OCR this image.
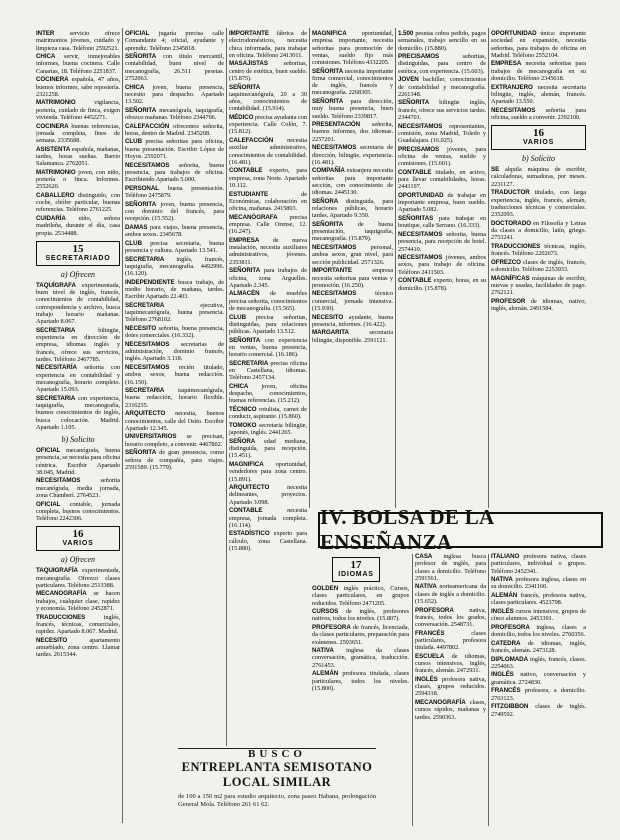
INTER servicio ofrece matrimonios jóvenes, cuidado y limpieza casa. Teléfono 2592521.

CHICA servir, inmejorables informes, buena cocinera. Calle Canarias, 18. Teléfono 2251837.

COCINERA española, 47 años, buenos informes, sabe repostería. 2321258.

MATRIMONIO vigilancia, portería, cuidado de finca, exigen vivienda. Teléfono 4452271.

COCINERA buenas referencias, jornada completa, fines de semana. 2335688.

ASISTENTA española, mañanas, tardes, horas sueltas. Barrio Salamanca. 2762051.

MATRIMONIO joven, con niño, portería o finca. Informes. 2552620.

CABALLERO distinguido, con coche, chófer particular, buenas referencias. Teléfono 2761225.

CUIDARÍA niño, señora madrileña, durante el día, casa propia. 2534488.

15
SECRETARIADO
a) Ofrecen

TAQUÍGRAFA experimentada, buen nivel de inglés, francés, conocimientos de contabilidad, correspondencia y archivo, busca trabajo horario mañanas. Apartado 8.067.

SECRETARIA bilingüe, experiencia en dirección de empresa, idiomas inglés y francés, ofrece sus servicios, tardes. Teléfono 2467785.

NECESITARÍA señorita con experiencia en contabilidad y mecanografía, horario completo. Apartado 15.093.

SECRETARIA con experiencia, taquigrafía, mecanografía, buenos conocimientos de inglés, busca colocación. Madrid. Apartado 1.105.

b) Solicito

OFICIAL mecanógrafa, buena presencia, se necesita para oficina céntrica. Escribir Apartado 38.045, Madrid.

NECESITAMOS señorita mecanógrafa, media jornada, zona Chamberí. 2764523.

OFICIAL contable, jornada completa, buenos conocimientos. Teléfono 2242306.

16
VARIOS
a) Ofrecen

TAQUIGRAFÍA experimentada, mecanografía. Ofrezco clases particulares. Teléfono 2513388.

MECANOGRAFÍA se hacen trabajos, cualquier clase, rapidez y economía. Teléfono 2452871.

TRADUCCIONES inglés, francés, técnicas, comerciales, rapidez. Apartado 8.067. Madrid.

NECESITO apartamento amueblado, zona centro. Llamar tardes. 2615344.

OFICIAL jugaría precisa calle Comandante 4; oficial, ayudante y aprendiz. Teléfono 2345818.

SEÑORITA con título mercantil, contabilidad, buen nivel de mecanografía, 26.511 pesetas. 2752063.

CHICA joven, buena presencia, necesito para despacho. Apartado 13.502.

SEÑORITA mecanógrafa, taquigrafía, ofrezco mañanas. Teléfono 2344706.

CALEFACCIÓN ofrecemos señorita, horas, dentro de Madrid. 2345208.

CLUB precisa señoritas para oficina, buena presentación. Escribir López de Hoyos. 2592071.

NECESITAMOS señorita, buena presencia, para trabajos de oficina. Escribiendo Apartado 5.000.

PERSONAL buena presentación. Teléfono 2475879.

SEÑORITA joven, buena presencia, con dominio del francés, para recepción. (15.552).

DAMAS para viajes, buena presencia, ambos sexos. 2345678.

CLUB precisa secretaria, buena presencia y cultura. Apartado 13.541.

SECRETARIA inglés, francés, taquigrafía, mecanografía. 4492996. (16.120).

INDEPENDIENTE busca trabajo, de medio horario, de mañana, tardes. Escribir Apartado 22.403.

SECRETARIA ejecutiva, taquimecanógrafa, buena presencia. Teléfono 2768102.

NECESITO señorita, buena presencia, dotes comerciales. (16.332).

NECESITAMOS secretarias de administración, dominio francés, inglés. Apartado 3.118.

NECESITAMOS recién titulado, ambos sexos, buena redacción. (16.150).

SECRETARIA taquimecanógrafa, buena redacción, horario flexible. 2316235.

ARQUITECTO necesita, buenos conocimientos, calle del Osito. Escribir Apartado 12.345.

UNIVERSITARIOS se precisan, horario completo, a convenir. 4467802.

SEÑORITA de gran presencia, como señora de compañía, para viajes. 2591589. (15.779).

IMPORTANTE fábrica de electrodomésticos, necesita chica informada, para trabajar en oficina. Teléfono 2413011.

MASAJISTAS señoritas, centro de estética, buen sueldo. (15.875).

SEÑORITA taquimecanógrafa, 20 a 30 años, conocimientos de contabilidad. (15.914).

MÉDICO precisa ayudanta con experiencia. Calle Colón, 7. (15.812).

CALEFACCIÓN necesita auxiliar administrativo, conocimientos de contabilidad. (16.481).

CONTABLE experto, para empresa, zona Norte. Apartado 10.112.

ESTUDIANTE de Económicas, colaboración en oficina, mañanas. 2415803.

MECANÓGRAFA precisa empresa. Calle Orense, 12. (16.247).

EMPRESA de nueva instalación, necesita auxiliares administrativos, jóvenes. 2353811.

SEÑORITA para trabajos de oficina, zona Arguelles. Apartado 2.345.

ALMACÉN de muebles precisa señorita, conocimientos de mecanografía. (15.565).

CLUB precisa señoritas, distinguidas, para relaciones públicas. Apartado 13.512.

SEÑORITA con experiencia en ventas, buena presencia, horario comercial. (16.186).

SECRETARIA precisa oficina en Castellana, idiomas. Teléfono 2457134.

CHICA joven, oficina despacho, conocimientos, buenas referencias. (15.212).

TÉCNICO rotulista, carnet de conducir, aspirante. (15.860).

TOMOKO secretaria bilingüe, japonés, inglés. 2441265.

SEÑORA edad mediana, distinguida, para recepción. (15.451).

MAGNIFICA oportunidad, vendedores para zona centro. (15.891).

ARQUITECTO necesita delineantes, proyectos. Apartado 3.098.

CONTABLE necesita empresa, jornada completa. (16.114).

ESTADÍSTICO experto para cálculo, zona Castellana. (15.880).

MAGNÍFICA oportunidad, empresa importante, necesita señoritas para promoción de ventas, sueldo fijo más comisiones. Teléfono 4332205.

SEÑORITA necesita importante firma comercial, conocimientos de inglés, francés y mecanografía. 2268305.

SEÑORITA para dirección, muy buena presencia, buen sueldo. Teléfono 2339817.

PRESENTACIÓN señorita, buenos informes, dos idiomas. 2257201.

NECESITAMOS secretaria de dirección, bilingüe, experiencia. (16.481).

COMPAÑÍA extranjera necesita señoritas para importante sección, con conocimiento de idiomas. 2445130.

SEÑORA distinguida, para relaciones públicas, horario tardes. Apartado 9.350.

SEÑORITA de buena presentación, taquigrafía, mecanografía. (15.879).

NECESITAMOS personal, ambos sexos, gran nivel, para sección publicidad. 2571326.

IMPORTANTE empresa necesita señoritas para ventas y promoción. (16.250).

NECESITAMOS técnico comercial, jornada intensiva. (15.930).

NECESITO ayudante, buena presencia, informes. (16.422).

MARGARITA secretaria bilingüe, disponible. 2591121.

1.500 pesetas cobra pedido, pagos semanales, trabajo sencillo en su domicilio. (15.880).

PRECISAMOS señoritas, distinguidas, para centro de estética, con experiencia. (15.603).

JOVEN bachiller, conocimientos de contabilidad y mecanografía. 2261348.

SEÑORITA bilingüe inglés, francés, ofrece sus servicios tardes. 2344701.

NECESITAMOS representantes, comisión, zona Madrid, Toledo y Guadalajara. (16.025).

PRECISAMOS jóvenes, para oficina de ventas, sueldo y comisiones. (15.601).

CONTABLE titulado, en activo, para llevar contabilidades, horas. 2443197.

OPORTUNIDAD de trabajar en importante empresa, buen sueldo. Apartado 5.082.

SEÑORITAS para trabajar en boutique, calle Serrano. (16.333).

NECESITAMOS señorita, buena presencia, para recepción de hotel. 2574410.

NECESITAMOS jóvenes, ambos sexos, para trabajo de oficina. Teléfono 2411503.

CONTABLE experto, horas, en su domicilio. (15.878).

OPORTUNIDAD única: importante sociedad en expansión, necesita señoritas, para trabajos de oficina en Madrid. Teléfono 2552104.

EMPRESA necesita señoritas para trabajos de mecanografía en su domicilio. Teléfono 2345618.

EXTRANJERO necesita secretaria bilingüe, inglés, alemán, francés. Apartado 13.550.

NECESITAMOS señorita para oficina, sueldo a convenir. 2392100.

16
VARIOS
b) Solicito

SE alquila máquina de escribir, calculadoras, sumadoras, por meses. 2231127.

TRADUCTOR titulado, con larga experiencia, inglés, francés, alemán, traducciones técnicas y comerciales. 2352093.

DOCTORADO en Filosofía y Letras da clases a domicilio, latín, griego. 2753241.

TRADUCCIONES técnicas, inglés, francés. Teléfono 2202673.

OFREZCO clases de inglés, francés, a domicilio. Teléfono 2253933.

MAGNÍFICAS máquinas de escribir, nuevas y usadas, facilidades de pago. 2762121.

PROFESOR de idiomas, nativo, inglés, alemán. 2491584.

IV. BOLSA DE LA ENSEÑANZA
17
IDIOMAS

GOLDEN inglés práctico, Cursos, clases particulares, en grupos reducidos. Teléfono 2471205.

CURSOS de inglés, profesores nativos, todos los niveles. (15.807).

PROFESORA de francés, licenciada, da clases particulares, preparación para exámenes. 2593651.

NATIVA inglesa da clases conversación, gramática, traducción. 2761453.

ALEMÁN profesora titulada, clases particulares, todos los niveles. (15.800).

CASA inglesa busca profesor de inglés, para clases a domicilio. Teléfono 2591561.

NATIVA norteamericana da clases de inglés a domicilio. (15.652).

PROFESORA nativa, francés, todos los grados, conversación. 2548731.

FRANCÉS clases particulares, profesora titulada. 4497802.

ESCUELA de idiomas, cursos intensivos, inglés, francés, alemán. 2472931.

INGLÉS profesora nativa, clases, grupos reducidos. 2594318.

MECANOGRAFÍA clases, cursos rápidos, mañanas y tardes. 2590363.

ITALIANO profesora nativa, clases particulares, individual o grupos. Teléfono 2452341.

NATIVA profesora inglesa, clases en su domicilio. 2341160.

ALEMÁN francés, profesora nativa, clases particulares. 4523798.

INGLÉS cursos intensivos, grupos de cinco alumnos. 2453391.

PROFESORA inglesa, clases a domicilio, todos los niveles. 2760356.

CATEDRA de idiomas, inglés, francés, alemán. 2473128.

DIPLOMADA inglés, francés, clases. 2254063.

INGLÉS nativo, conversación y gramática. 2724830.

FRANCÉS profesora, a domicilio. 2763123.

FITZGIBBON clases de inglés. 2749592.

BUSCO
ENTREPLANTA SEMISOTANO
LOCAL SIMILAR
de 100 a 150 m2 para estudio arquitecto, zona paseo Habana, prolongación General Mola. Teléfono 261 61 62.
